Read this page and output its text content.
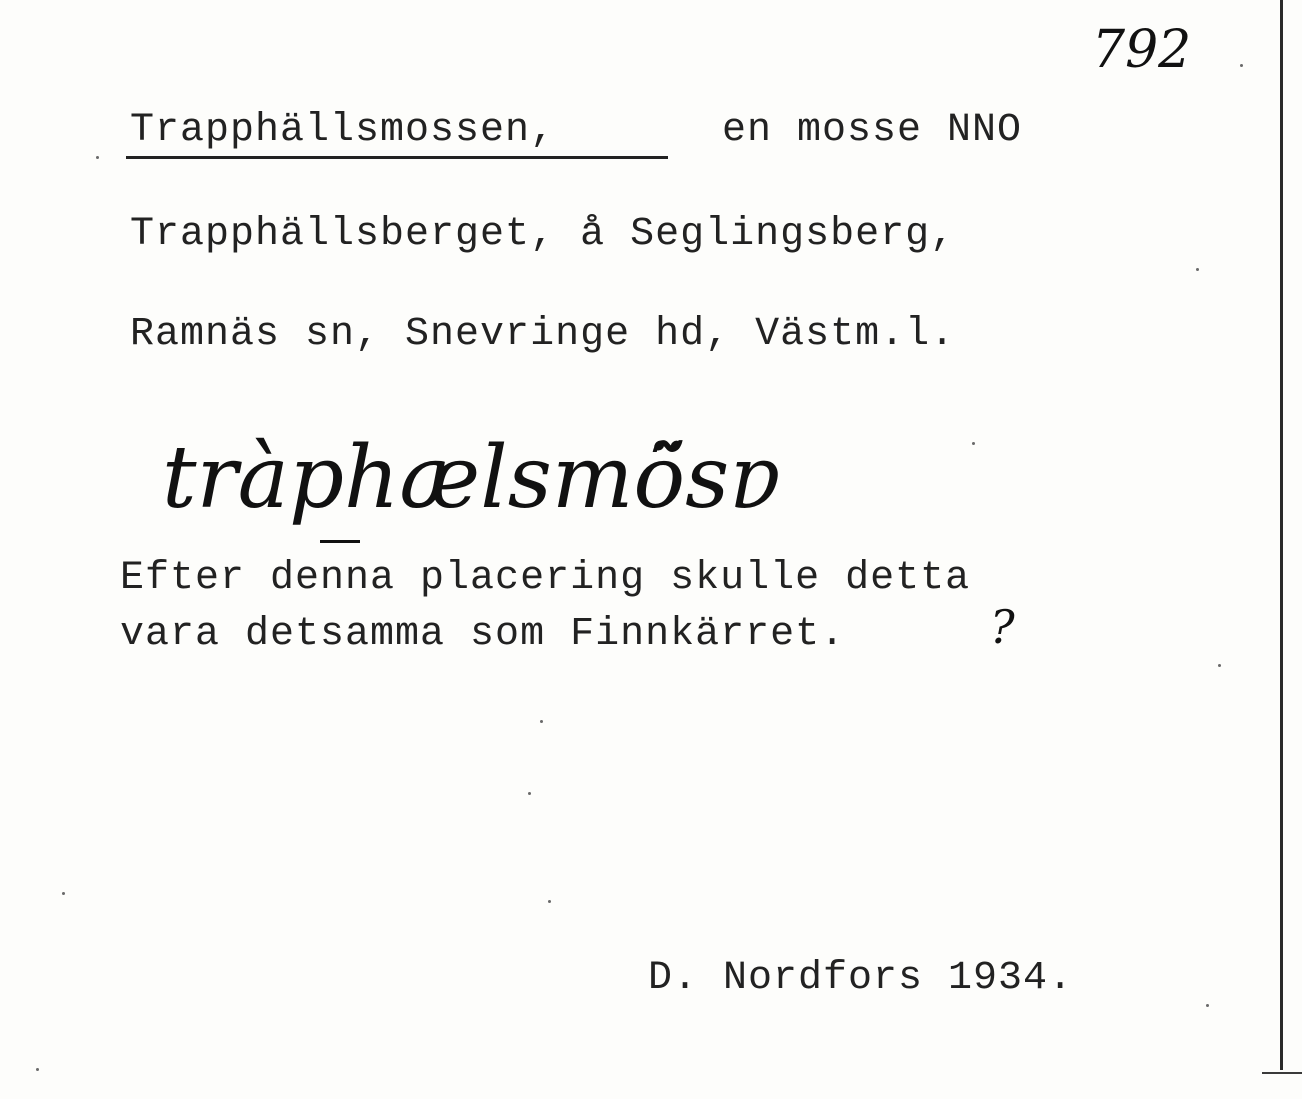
792
Trapphällsmossen,	en mosse NNO
Trapphällsberget, å Seglingsberg,
Ramnäs sn, Snevringe hd, Västm.l.
tràphælsmö̃sɐ
Efter denna placering skulle detta
vara detsamma som Finnkärret.	?
D. Nordfors 1934.
